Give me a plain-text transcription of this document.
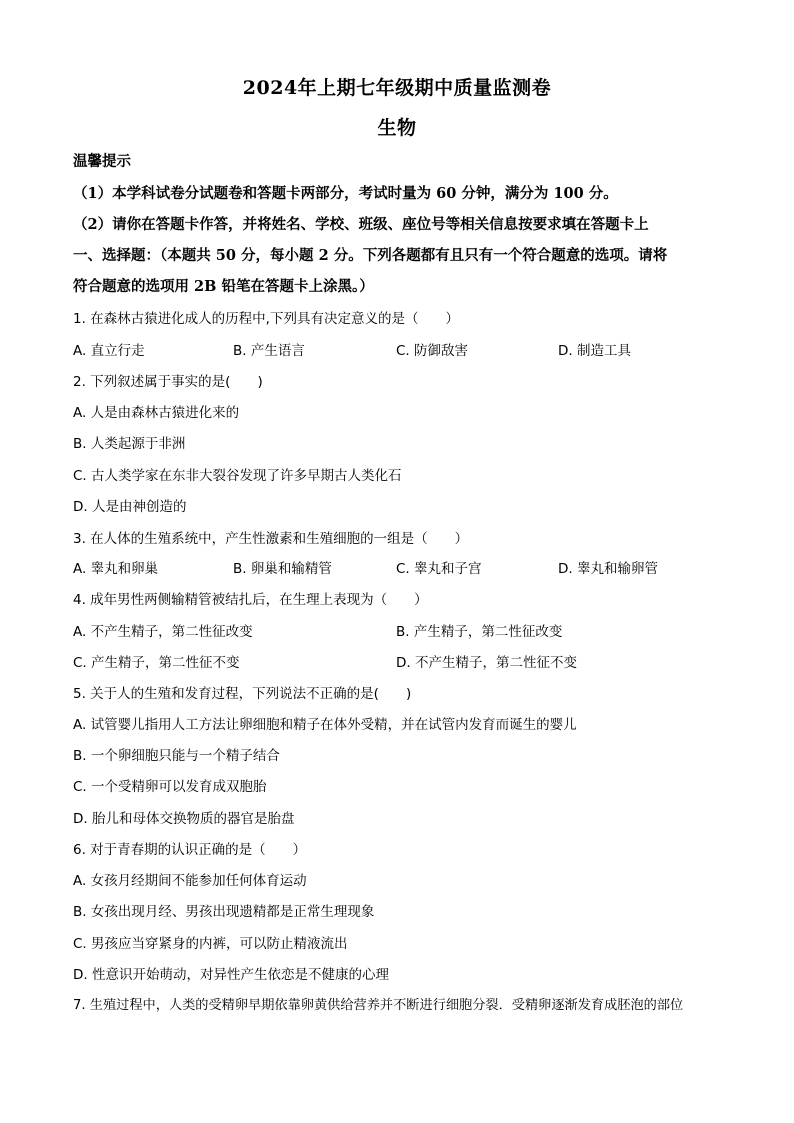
2024年上期七年级期中质量监测卷
生物
温馨提示
（1）本学科试卷分试题卷和答题卡两部分，考试时量为 60 分钟，满分为 100 分。
（2）请你在答题卡作答，并将姓名、学校、班级、座位号等相关信息按要求填在答题卡上
一、选择题：（本题共 50 分，每小题 2 分。下列各题都有且只有一个符合题意的选项。请将
符合题意的选项用 2B 铅笔在答题卡上涂黑。）
1. 在森林古猿进化成人的历程中,下列具有决定意义的是（　　）
A. 直立行走	B. 产生语言	C. 防御敌害	D. 制造工具
2. 下列叙述属于事实的是(　　)
A. 人是由森林古猿进化来的
B. 人类起源于非洲
C. 古人类学家在东非大裂谷发现了许多早期古人类化石
D. 人是由神创造的
3. 在人体的生殖系统中，产生性激素和生殖细胞的一组是（　　）
A. 睾丸和卵巢	B. 卵巢和输精管	C. 睾丸和子宫	D. 睾丸和输卵管
4. 成年男性两侧输精管被结扎后，在生理上表现为（　　）
A. 不产生精子，第二性征改变	B. 产生精子，第二性征改变
C. 产生精子，第二性征不变	D. 不产生精子，第二性征不变
5. 关于人的生殖和发育过程，下列说法不正确的是(　　)
A. 试管婴儿指用人工方法让卵细胞和精子在体外受精，并在试管内发育而诞生的婴儿
B. 一个卵细胞只能与一个精子结合
C. 一个受精卵可以发育成双胞胎
D. 胎儿和母体交换物质的器官是胎盘
6. 对于青春期的认识正确的是（　　）
A. 女孩月经期间不能参加任何体育运动
B. 女孩出现月经、男孩出现遗精都是正常生理现象
C. 男孩应当穿紧身的内裤，可以防止精液流出
D. 性意识开始萌动，对异性产生依恋是不健康的心理
7. 生殖过程中，人类的受精卵早期依靠卵黄供给营养并不断进行细胞分裂．受精卵逐渐发育成胚泡的部位
